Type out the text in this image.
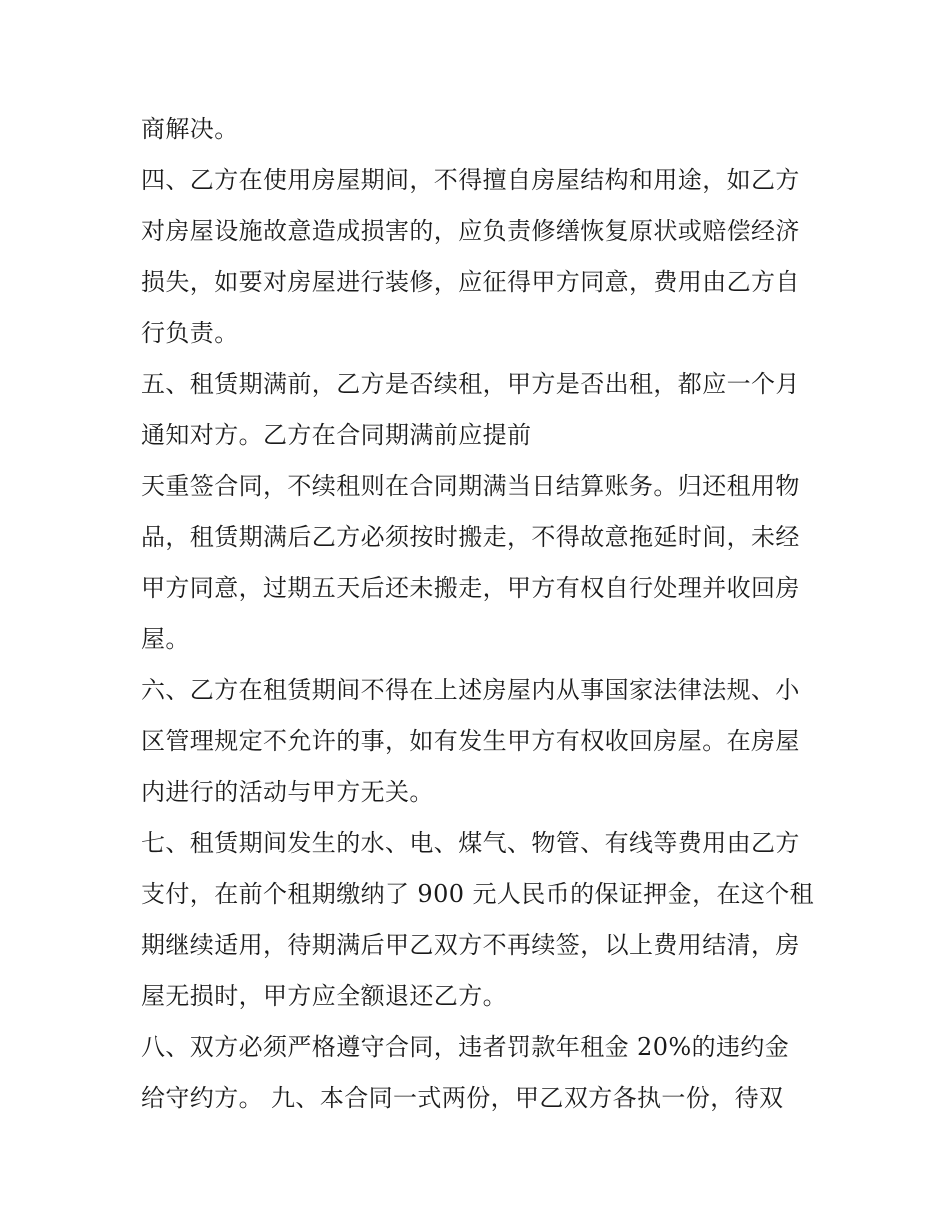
商解决。
四、乙方在使用房屋期间，不得擅自房屋结构和用途，如乙方
对房屋设施故意造成损害的，应负责修缮恢复原状或赔偿经济
损失，如要对房屋进行装修，应征得甲方同意，费用由乙方自
行负责。
五、租赁期满前，乙方是否续租，甲方是否出租，都应一个月
通知对方。乙方在合同期满前应提前
天重签合同，不续租则在合同期满当日结算账务。归还租用物
品，租赁期满后乙方必须按时搬走，不得故意拖延时间，未经
甲方同意，过期五天后还未搬走，甲方有权自行处理并收回房
屋。
六、乙方在租赁期间不得在上述房屋内从事国家法律法规、小
区管理规定不允许的事，如有发生甲方有权收回房屋。在房屋
内进行的活动与甲方无关。
七、租赁期间发生的水、电、煤气、物管、有线等费用由乙方
支付，在前个租期缴纳了 900 元人民币的保证押金，在这个租
期继续适用，待期满后甲乙双方不再续签，以上费用结清，房
屋无损时，甲方应全额退还乙方。
八、双方必须严格遵守合同，违者罚款年租金 20%的违约金
给守约方。 九、本合同一式两份，甲乙双方各执一份，待双
